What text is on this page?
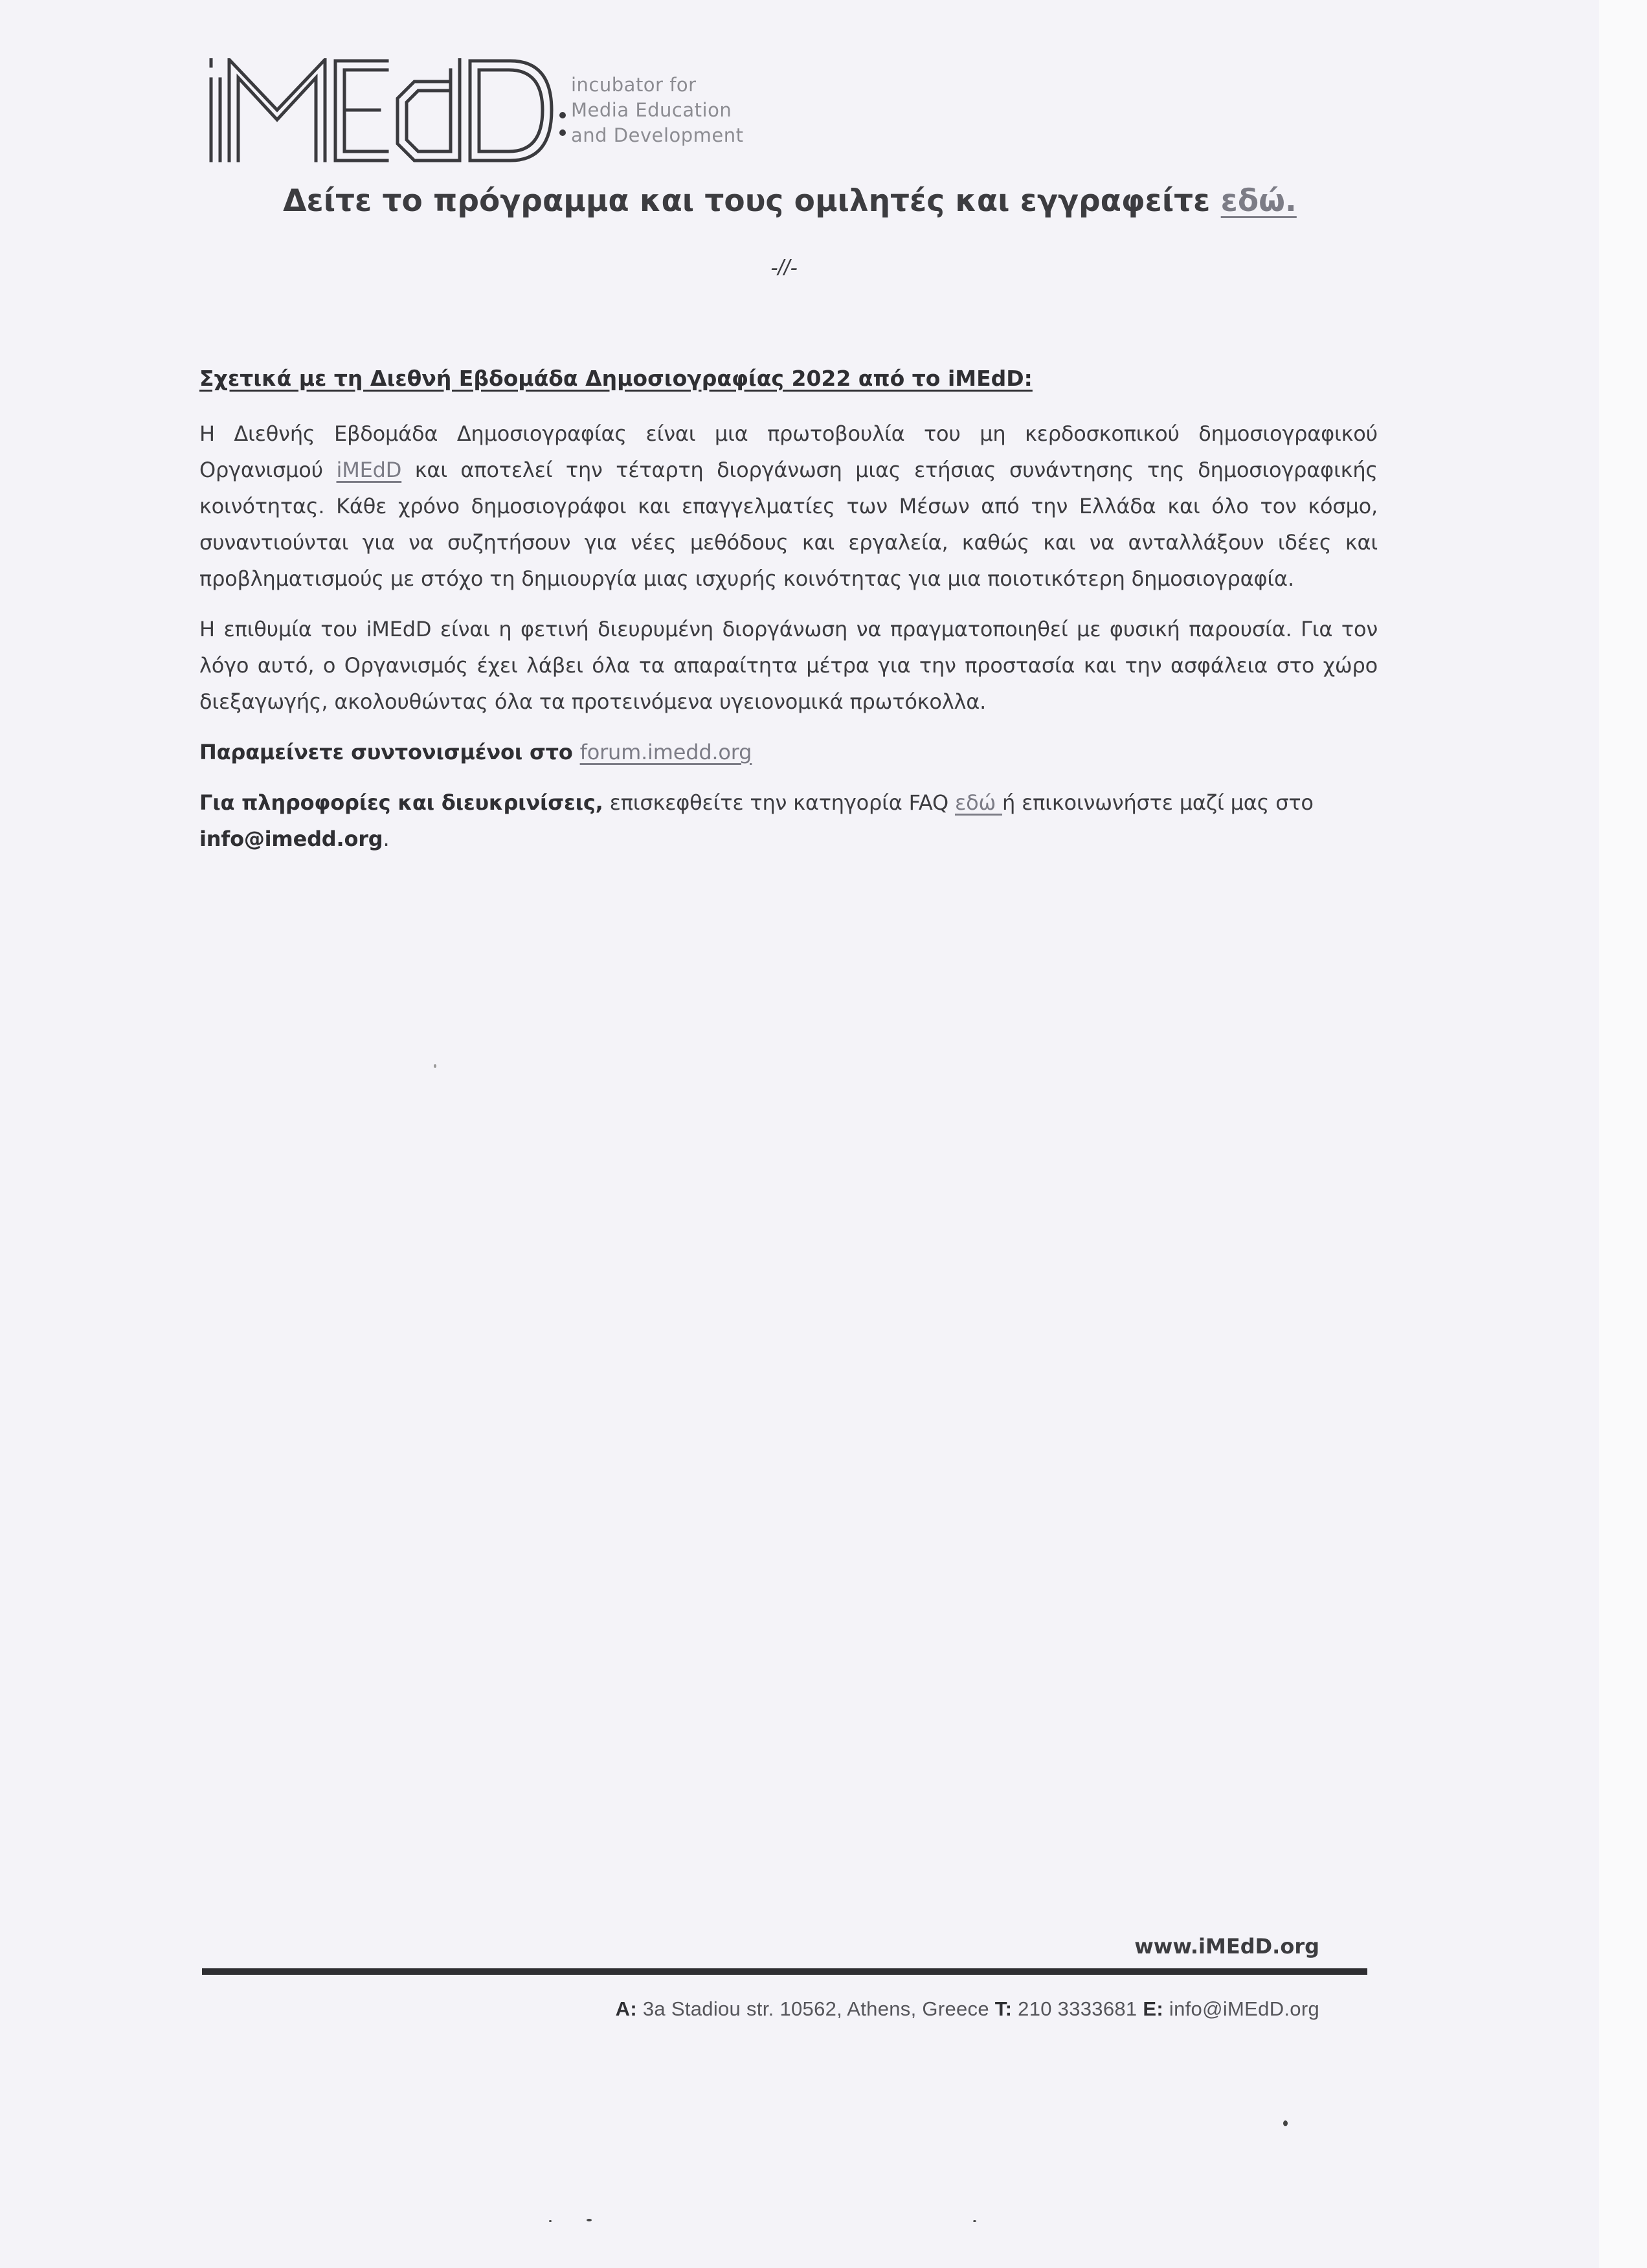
incubator for
Media Education
and Development
Δείτε το πρόγραμμα και τους ομιλητές και εγγραφείτε εδώ.
-//-
Σχετικά με τη Διεθνή Εβδομάδα Δημοσιογραφίας 2022 από το iMEdD:

Η Διεθνής Εβδομάδα Δημοσιογραφίας είναι μια πρωτοβουλία του μη κερδοσκοπικού δημοσιογραφικού Οργανισμού iMEdD και αποτελεί την τέταρτη διοργάνωση μιας ετήσιας συνάντησης της δημοσιογραφικής κοινότητας. Κάθε χρόνο δημοσιογράφοι και επαγγελματίες των Μέσων από την Ελλάδα και όλο τον κόσμο, συναντιούνται για να συζητήσουν για νέες μεθόδους και εργαλεία, καθώς και να ανταλλάξουν ιδέες και προβληματισμούς με στόχο τη δημιουργία μιας ισχυρής κοινότητας για μια ποιοτικότερη δημοσιογραφία.

Η επιθυμία του iMEdD είναι η φετινή διευρυμένη διοργάνωση να πραγματοποιηθεί με φυσική παρουσία. Για τον λόγο αυτό, ο Οργανισμός έχει λάβει όλα τα απαραίτητα μέτρα για την προστασία και την ασφάλεια στο χώρο διεξαγωγής, ακολουθώντας όλα τα προτεινόμενα υγειονομικά πρωτόκολλα.

Παραμείνετε συντονισμένοι στο forum.imedd.org

Για πληροφορίες και διευκρινίσεις, επισκεφθείτε την κατηγορία FAQ εδώ ή επικοινωνήστε μαζί μας στο
info@imedd.org.

www.iMEdD.org
A: 3a Stadiou str. 10562, Athens, Greece T: 210 3333681 E: info@iMEdD.org
